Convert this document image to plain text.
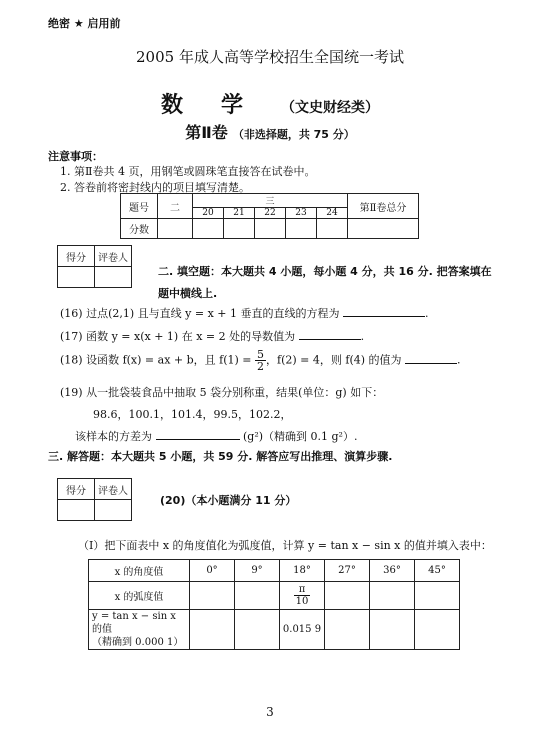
绝密 ★ 启用前
2005 年成人高等学校招生全国统一考试
数学（文史财经类）
第Ⅱ卷 （非选择题，共 75 分）
注意事项：
1. 第Ⅱ卷共 4 页，用钢笔或圆珠笔直接答在试卷中。
2. 答卷前将密封线内的项目填写清楚。
题号	二	三					第Ⅱ卷总分
		20	21	22	23	24	
分数							
得分	评卷人

二. 填空题：本大题共 4 小题，每小题 4 分，共 16 分. 把答案填在题中横线上.
(16) 过点(2,1) 且与直线 y = x + 1 垂直的直线的方程为	.
(17) 函数 y = x(x + 1) 在 x = 2 处的导数值为	.
(18) 设函数 f(x) = ax + b，且 $f(1) = \frac{5}{2}$ ，f(2) = 4，则 f(4) 的值为	.
(19) 从一批袋装食品中抽取 5 袋分别称重，结果(单位：g) 如下：
98.6，100.1，101.4，99.5，102.2，
该样本的方差为	(g²)（精确到 0.1 g²）.
三. 解答题：本大题共 5 小题，共 59 分. 解答应写出推理、演算步骤.
得分	评卷人

(20)（本小题满分 11 分）
（Ⅰ）把下面表中 x 的角度值化为弧度值，计算 y = tan x − sin x 的值并填入表中：
x 的角度值	0°	9°	18°	27°	36°	45°
x 的弧度值			$\frac{\pi}{10}$

y = tan x − sin x 的值
（精确到 0.000 1）			0.015 9			
3
